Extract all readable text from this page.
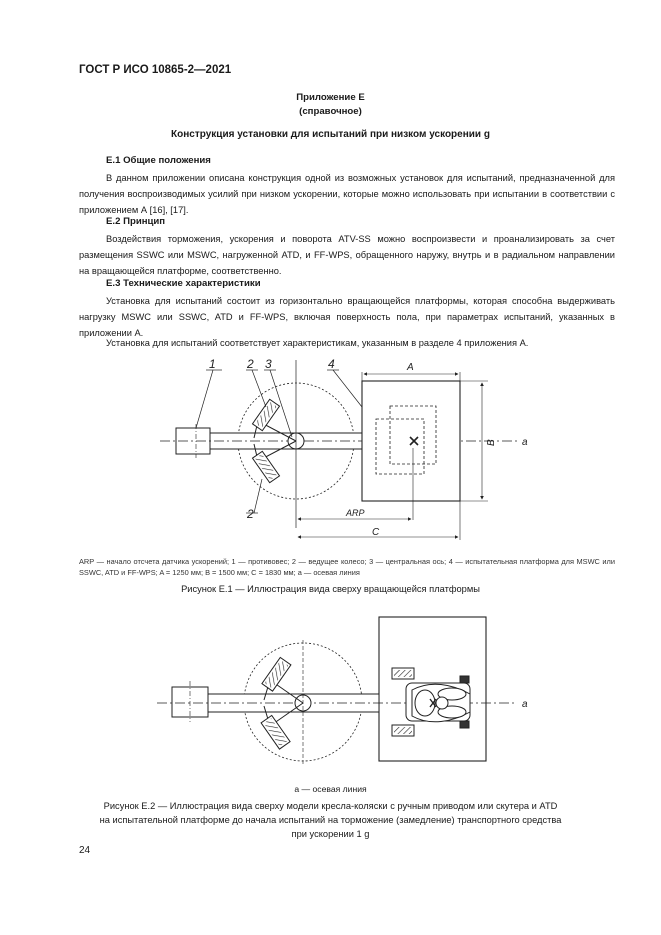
ГОСТ Р ИСО 10865-2—2021

Приложение Е

(справочное)

Конструкция установки для испытаний при низком ускорении g

Е.1 Общие положения

В данном приложении описана конструкция одной из возможных установок для испытаний, предназначенной для получения воспроизводимых усилий при низком ускорении, которые можно использовать при испытании в соответствии с приложением А [16], [17].

Е.2 Принцип

Воздействия торможения, ускорения и поворота ATV-SS можно воспроизвести и проанализировать за счет размещения SSWC или MSWC, нагруженной ATD, и FF-WPS, обращенного наружу, внутрь и в радиальном направлении на вращающейся платформе, соответственно.

Е.3 Технические характеристики

Установка для испытаний состоит из горизонтально вращающейся платформы, которая способна выдерживать нагрузку MSWC или SSWC, ATD и FF-WPS, включая поверхность пола, при параметрах испытаний, указанных в приложении А.

Установка для испытаний соответствует характеристикам, указанным в разделе 4 приложения А.

1	2 3	4
2
A
B
ARP
C
a
a

ARP — начало отсчета датчика ускорений; 1 — противовес; 2 — ведущее колесо; 3 — центральная ось; 4 — испытательная платформа для MSWC или SSWC, ATD и FF-WPS; A = 1250 мм; B = 1500 мм; C = 1830 мм; a — осевая линия

Рисунок Е.1 — Иллюстрация вида сверху вращающейся платформы

a — осевая линия

Рисунок Е.2 — Иллюстрация вида сверху модели кресла-коляски с ручным приводом или скутера и ATD

на испытательной платформе до начала испытаний на торможение (замедление) транспортного средства

при ускорении 1 g

24
